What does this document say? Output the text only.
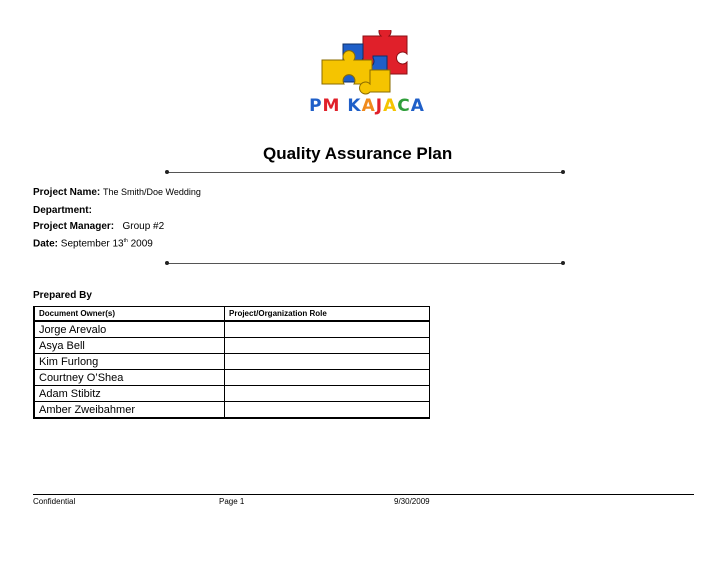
PM KAJACA
Quality Assurance Plan
Project Name: The Smith/Doe Wedding
Department:
Project Manager: Group #2
Date: September 13th 2009
Prepared By
Document Owner(s)	Project/Organization Role
Jorge Arevalo	
Asya Bell	
Kim Furlong	
Courtney O’Shea	
Adam Stibitz	
Amber Zweibahmer	
Confidential	Page 1	9/30/2009
